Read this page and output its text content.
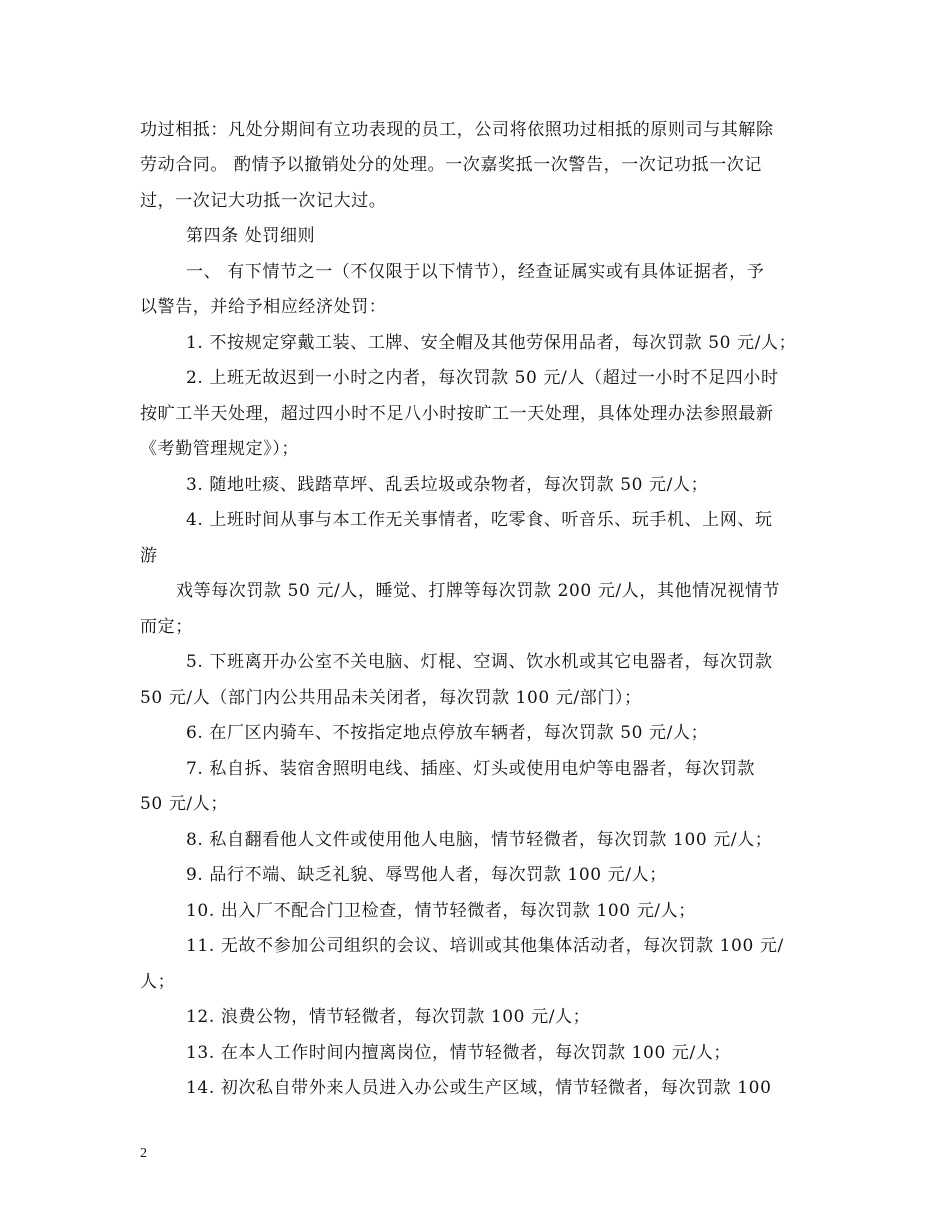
功过相抵：凡处分期间有立功表现的员工，公司将依照功过相抵的原则司与其解除
劳动合同。 酌情予以撤销处分的处理。一次嘉奖抵一次警告，一次记功抵一次记
过，一次记大功抵一次记大过。
第四条 处罚细则
一、 有下情节之一（不仅限于以下情节），经查证属实或有具体证据者，予
以警告，并给予相应经济处罚：
1. 不按规定穿戴工装、工牌、安全帽及其他劳保用品者，每次罚款 50 元/人；
2. 上班无故迟到一小时之内者，每次罚款 50 元/人（超过一小时不足四小时
按旷工半天处理，超过四小时不足八小时按旷工一天处理，具体处理办法参照最新
《考勤管理规定》）；
3. 随地吐痰、践踏草坪、乱丢垃圾或杂物者，每次罚款 50 元/人；
4. 上班时间从事与本工作无关事情者，吃零食、听音乐、玩手机、上网、玩
游
戏等每次罚款 50 元/人，睡觉、打牌等每次罚款 200 元/人，其他情况视情节
而定；
5. 下班离开办公室不关电脑、灯棍、空调、饮水机或其它电器者，每次罚款
50 元/人（部门内公共用品未关闭者，每次罚款 100 元/部门）；
6. 在厂区内骑车、不按指定地点停放车辆者，每次罚款 50 元/人；
7. 私自拆、装宿舍照明电线、插座、灯头或使用电炉等电器者，每次罚款
50 元/人；
8. 私自翻看他人文件或使用他人电脑，情节轻微者，每次罚款 100 元/人；
9. 品行不端、缺乏礼貌、辱骂他人者，每次罚款 100 元/人；
10. 出入厂不配合门卫检查，情节轻微者，每次罚款 100 元/人；
11. 无故不参加公司组织的会议、培训或其他集体活动者，每次罚款 100 元/
人；
12. 浪费公物，情节轻微者，每次罚款 100 元/人；
13. 在本人工作时间内擅离岗位，情节轻微者，每次罚款 100 元/人；
14. 初次私自带外来人员进入办公或生产区域，情节轻微者，每次罚款 100
2
